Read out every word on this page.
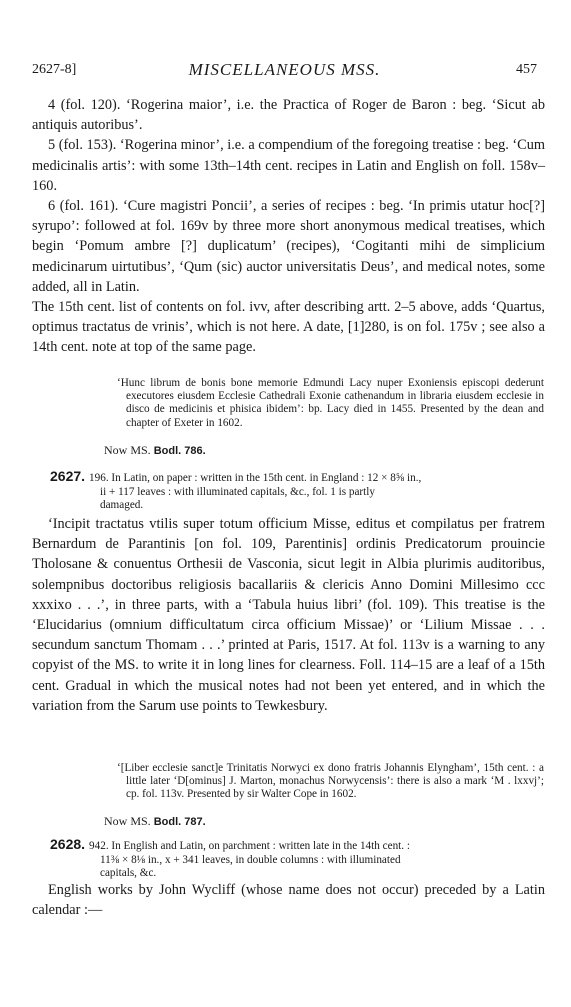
2627-8]	MISCELLANEOUS MSS.	457

4 (fol. 120). ‘Rogerina maior’, i.e. the Practica of Roger de Baron : beg. ‘Sicut ab antiquis autoribus’.

5 (fol. 153). ‘Rogerina minor’, i.e. a compendium of the foregoing treatise : beg. ‘Cum medicinalis artis’: with some 13th–14th cent. recipes in Latin and English on foll. 158v–160.

6 (fol. 161). ‘Cure magistri Poncii’, a series of recipes : beg. ‘In primis utatur hoc[?] syrupo’: followed at fol. 169v by three more short anonymous medical treatises, which begin ‘Pomum ambre [?] duplicatum’ (recipes), ‘Cogitanti mihi de simplicium medicinarum uirtutibus’, ‘Qum (sic) auctor universitatis Deus’, and medical notes, some added, all in Latin.

The 15th cent. list of contents on fol. ivv, after describing artt. 2–5 above, adds ‘Quartus, optimus tractatus de vrinis’, which is not here. A date, [1]280, is on fol. 175v ; see also a 14th cent. note at top of the same page.

‘Hunc librum de bonis bone memorie Edmundi Lacy nuper Exoniensis episcopi dederunt executores eiusdem Ecclesie Cathedrali Exonie cathenandum in libraria eiusdem ecclesie in disco de medicinis et phisica ibidem’: bp. Lacy died in 1455. Presented by the dean and chapter of Exeter in 1602.

Now MS. Bodl. 786.
2627. 196. In Latin, on paper : written in the 15th cent. in England : 12 × 8⅝ in.,
ii + 117 leaves : with illuminated capitals, &c., fol. 1 is partly
damaged.

‘Incipit tractatus vtilis super totum officium Misse, editus et compilatus per fratrem Bernardum de Parantinis [on fol. 109, Parentinis] ordinis Predicatorum prouincie Tholosane & conuentus Orthesii de Vasconia, sicut legit in Albia plurimis auditoribus, solempnibus doctoribus religiosis bacallariis & clericis Anno Domini Millesimo ccc xxxixo . . .’, in three parts, with a ‘Tabula huius libri’ (fol. 109). This treatise is the ‘Elucidarius (omnium difficultatum circa officium Missae)’ or ‘Lilium Missae . . . secundum sanctum Thomam . . .’ printed at Paris, 1517. At fol. 113v is a warning to any copyist of the MS. to write it in long lines for clearness. Foll. 114–15 are a leaf of a 15th cent. Gradual in which the musical notes had not been yet entered, and in which the variation from the Sarum use points to Tewkesbury.

‘[Liber ecclesie sanct]e Trinitatis Norwyci ex dono fratris Johannis Elyngham’, 15th cent. : a little later ‘D[ominus] J. Marton, monachus Norwycensis’: there is also a mark ‘M . lxxvj’; cp. fol. 113v. Presented by sir Walter Cope in 1602.

Now MS. Bodl. 787.
2628. 942. In English and Latin, on parchment : written late in the 14th cent. :
11⅜ × 8⅛ in., x + 341 leaves, in double columns : with illuminated
capitals, &c.

English works by John Wycliff (whose name does not occur) preceded by a Latin calendar :—
